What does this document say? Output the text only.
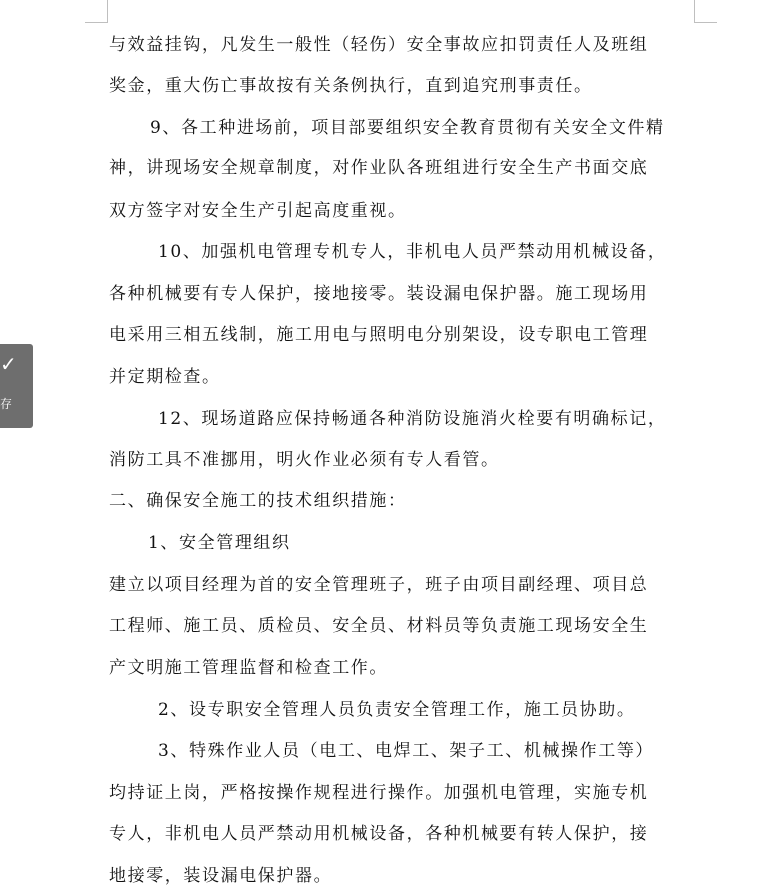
✓
存
与效益挂钩，凡发生一般性（轻伤）安全事故应扣罚责任人及班组
奖金，重大伤亡事故按有关条例执行，直到追究刑事责任。
9、各工种进场前，项目部要组织安全教育贯彻有关安全文件精
神，讲现场安全规章制度，对作业队各班组进行安全生产书面交底
双方签字对安全生产引起高度重视。
10、加强机电管理专机专人，非机电人员严禁动用机械设备，
各种机械要有专人保护，接地接零。装设漏电保护器。施工现场用
电采用三相五线制，施工用电与照明电分别架设，设专职电工管理
并定期检查。
12、现场道路应保持畅通各种消防设施消火栓要有明确标记，
消防工具不准挪用，明火作业必须有专人看管。
二、确保安全施工的技术组织措施：
1、安全管理组织
建立以项目经理为首的安全管理班子，班子由项目副经理、项目总
工程师、施工员、质检员、安全员、材料员等负责施工现场安全生
产文明施工管理监督和检查工作。
2、设专职安全管理人员负责安全管理工作，施工员协助。
3、特殊作业人员（电工、电焊工、架子工、机械操作工等）
均持证上岗，严格按操作规程进行操作。加强机电管理，实施专机
专人，非机电人员严禁动用机械设备，各种机械要有转人保护，接
地接零，装设漏电保护器。
